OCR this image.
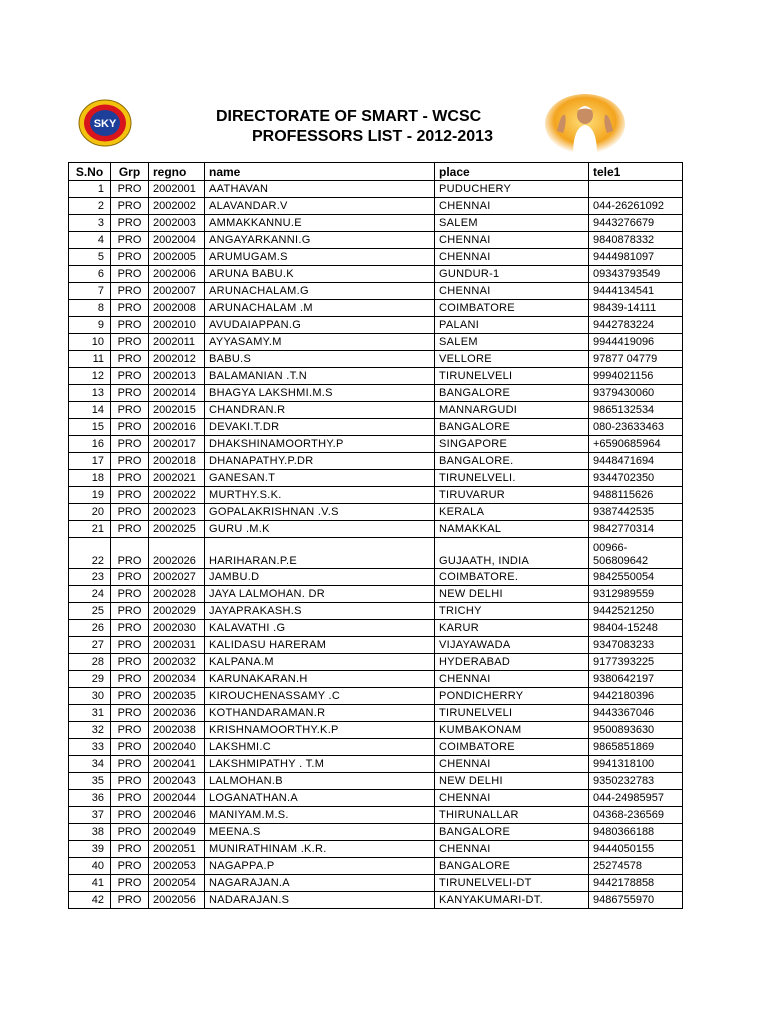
SKY	DIRECTORATE OF SMART - WCSC
PROFESSORS LIST - 2012-2013
S.No	Grp	regno	name	place	tele1
1	PRO	2002001	AATHAVAN	PUDUCHERY	
2	PRO	2002002	ALAVANDAR.V	CHENNAI	044-26261092
3	PRO	2002003	AMMAKKANNU.E	SALEM	9443276679
4	PRO	2002004	ANGAYARKANNI.G	CHENNAI	9840878332
5	PRO	2002005	ARUMUGAM.S	CHENNAI	9444981097
6	PRO	2002006	ARUNA BABU.K	GUNDUR-1	09343793549
7	PRO	2002007	ARUNACHALAM.G	CHENNAI	9444134541
8	PRO	2002008	ARUNACHALAM .M	COIMBATORE	98439-14111
9	PRO	2002010	AVUDAIAPPAN.G	PALANI	9442783224
10	PRO	2002011	AYYASAMY.M	SALEM	9944419096
11	PRO	2002012	BABU.S	VELLORE	97877 04779
12	PRO	2002013	BALAMANIAN .T.N	TIRUNELVELI	9994021156
13	PRO	2002014	BHAGYA LAKSHMI.M.S	BANGALORE	9379430060
14	PRO	2002015	CHANDRAN.R	MANNARGUDI	9865132534
15	PRO	2002016	DEVAKI.T.DR	BANGALORE	080-23633463
16	PRO	2002017	DHAKSHINAMOORTHY.P	SINGAPORE	+6590685964
17	PRO	2002018	DHANAPATHY.P.DR	BANGALORE.	9448471694
18	PRO	2002021	GANESAN.T	TIRUNELVELI.	9344702350
19	PRO	2002022	MURTHY.S.K.	TIRUVARUR	9488115626
20	PRO	2002023	GOPALAKRISHNAN .V.S	KERALA	9387442535
21	PRO	2002025	GURU .M.K	NAMAKKAL	9842770314
22	PRO	2002026	HARIHARAN.P.E	GUJAATH, INDIA	00966-506809642
23	PRO	2002027	JAMBU.D	COIMBATORE.	9842550054
24	PRO	2002028	JAYA LALMOHAN. DR	NEW DELHI	9312989559
25	PRO	2002029	JAYAPRAKASH.S	TRICHY	9442521250
26	PRO	2002030	KALAVATHI .G	KARUR	98404-15248
27	PRO	2002031	KALIDASU HARERAM	VIJAYAWADA	9347083233
28	PRO	2002032	KALPANA.M	HYDERABAD	9177393225
29	PRO	2002034	KARUNAKARAN.H	CHENNAI	9380642197
30	PRO	2002035	KIROUCHENASSAMY .C	PONDICHERRY	9442180396
31	PRO	2002036	KOTHANDARAMAN.R	TIRUNELVELI	9443367046
32	PRO	2002038	KRISHNAMOORTHY.K.P	KUMBAKONAM	9500893630
33	PRO	2002040	LAKSHMI.C	COIMBATORE	9865851869
34	PRO	2002041	LAKSHMIPATHY . T.M	CHENNAI	9941318100
35	PRO	2002043	LALMOHAN.B	NEW DELHI	9350232783
36	PRO	2002044	LOGANATHAN.A	CHENNAI	044-24985957
37	PRO	2002046	MANIYAM.M.S.	THIRUNALLAR	04368-236569
38	PRO	2002049	MEENA.S	BANGALORE	9480366188
39	PRO	2002051	MUNIRATHINAM .K.R.	CHENNAI	9444050155
40	PRO	2002053	NAGAPPA.P	BANGALORE	25274578
41	PRO	2002054	NAGARAJAN.A	TIRUNELVELI-DT	9442178858
42	PRO	2002056	NADARAJAN.S	KANYAKUMARI-DT.	9486755970
